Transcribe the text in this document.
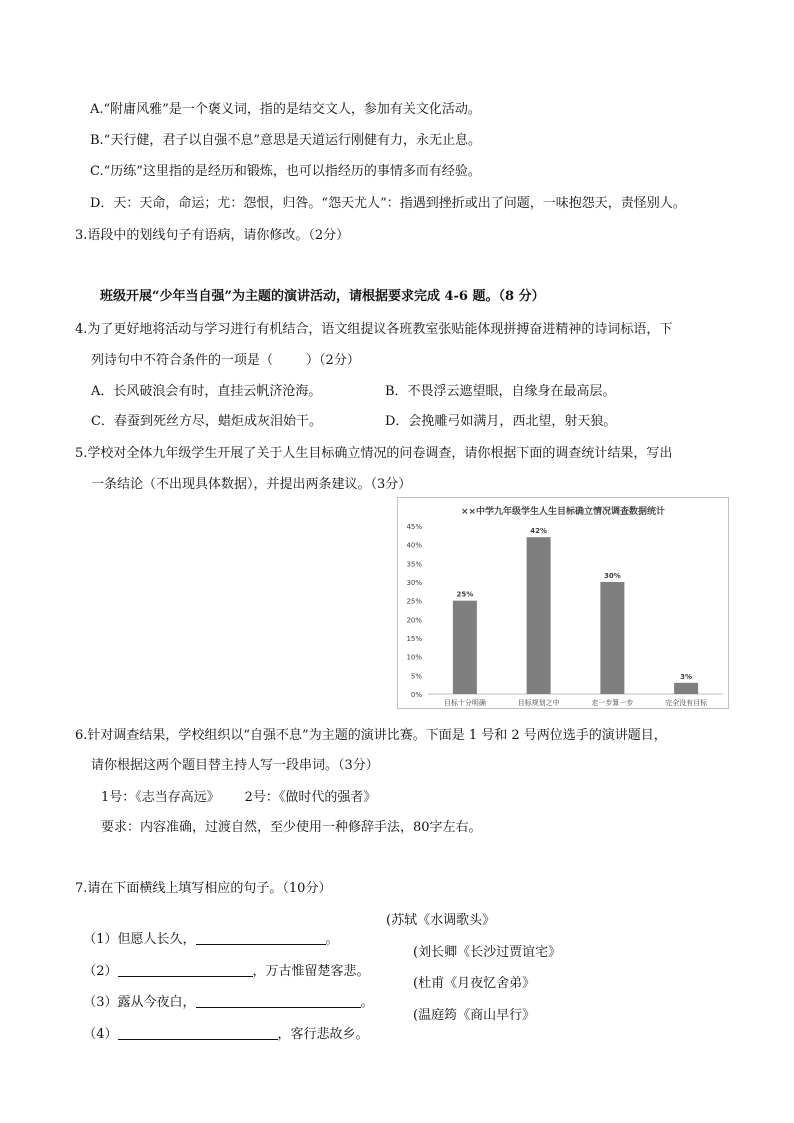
A.“附庸风雅”是一个褒义词，指的是结交文人，参加有关文化活动。
B.“天行健，君子以自强不息”意思是天道运行刚健有力，永无止息。
C.“历练”这里指的是经历和锻炼，也可以指经历的事情多而有经验。
D．天：天命，命运；尤：怨恨，归咎。“怨天尤人”：指遇到挫折或出了问题，一味抱怨天，责怪别人。
3.语段中的划线句子有语病，请你修改。（2分）
班级开展“少年当自强”为主题的演讲活动，请根据要求完成 4-6 题。（8 分）
4.为了更好地将活动与学习进行有机结合，语文组提议各班教室张贴能体现拼搏奋进精神的诗词标语，下
列诗句中不符合条件的一项是（        ）（2分）
A．长风破浪会有时，直挂云帆济沧海。	B．不畏浮云遮望眼，自缘身在最高层。
C．春蚕到死丝方尽，蜡炬成灰泪始干。	D．会挽雕弓如满月，西北望，射天狼。
5.学校对全体九年级学生开展了关于人生目标确立情况的问卷调查，请你根据下面的调查统计结果，写出
一条结论（不出现具体数据），并提出两条建议。（3分）
××中学九年级学生人生目标确立情况调查数据统计
0%
5%
10%
15%
20%
25%
30%
35%
40%
45%
25%
目标十分明确
42%
目标规划之中
30%
走一步算一步
3%
完全没有目标
6.针对调查结果，学校组织以“自强不息”为主题的演讲比赛。下面是 1 号和 2 号两位选手的演讲题目，
请你根据这两个题目替主持人写一段串词。（3分）
1号：《志当存高远》      2号：《做时代的强者》
要求：内容准确，过渡自然，至少使用一种修辞手法，80字左右。
7.请在下面横线上填写相应的句子。（10分）

（1）但愿人长久，	。

(苏轼《水调歌头》

（2）	，万古惟留楚客悲。

(刘长卿《长沙过贾谊宅》

（3）露从今夜白，	。

(杜甫《月夜忆舍弟》

（4）	，客行悲故乡。

(温庭筠《商山早行》
